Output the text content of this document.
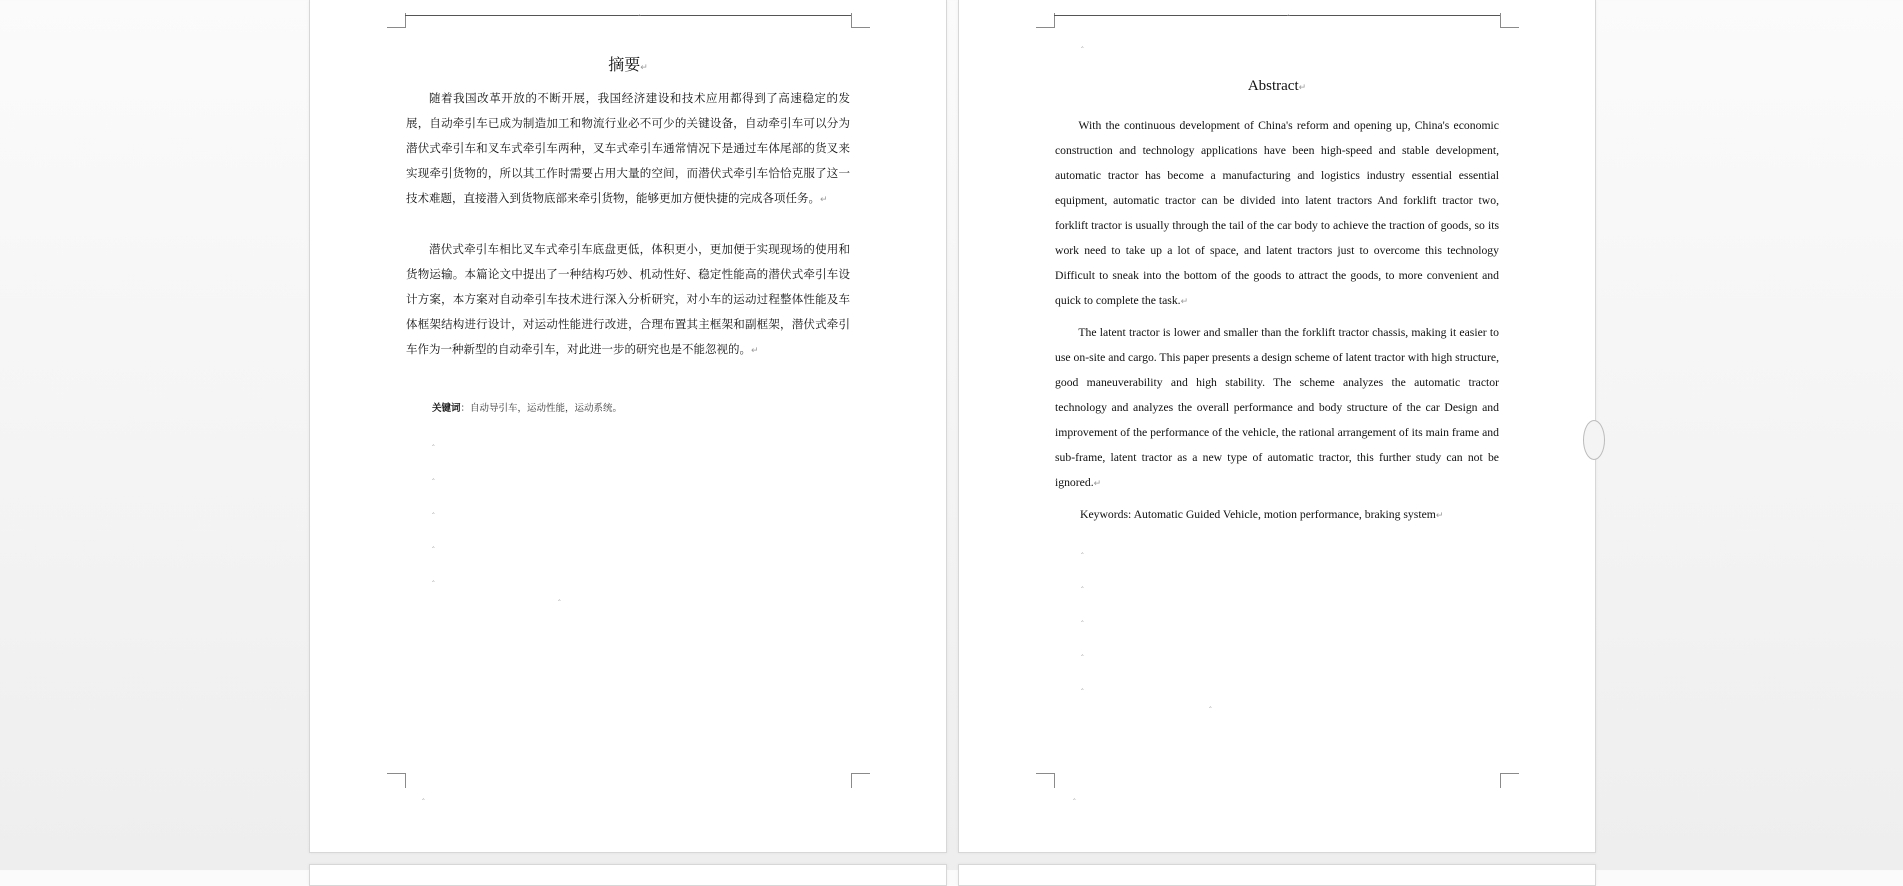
‸
摘要↵

随着我国改革开放的不断开展，我国经济建设和技术应用都得到了高速稳定的发展，自动牵引车已成为制造加工和物流行业必不可少的关键设备，自动牵引车可以分为潜伏式牵引车和叉车式牵引车两种，叉车式牵引车通常情况下是通过车体尾部的货叉来实现牵引货物的，所以其工作时需要占用大量的空间，而潜伏式牵引车恰恰克服了这一技术难题，直接潜入到货物底部来牵引货物，能够更加方便快捷的完成各项任务。↵

潜伏式牵引车相比叉车式牵引车底盘更低，体积更小，更加便于实现现场的使用和货物运输。本篇论文中提出了一种结构巧妙、机动性好、稳定性能高的潜伏式牵引车设计方案，本方案对自动牵引车技术进行深入分析研究，对小车的运动过程整体性能及车体框架结构进行设计，对运动性能进行改进，合理布置其主框架和副框架，潜伏式牵引车作为一种新型的自动牵引车，对此进一步的研究也是不能忽视的。↵

关键词：自动导引车，运动性能，运动系统。
‸
‸
‸
‸
‸
‸
‸
‸
‸
Abstract↵

With the continuous development of China's reform and opening up, China's economic construction and technology applications have been high-speed and stable development, automatic tractor has become a manufacturing and logistics industry essential essential equipment, automatic tractor can be divided into latent tractors And forklift tractor two, forklift tractor is usually through the tail of the car body to achieve the traction of goods, so its work need to take up a lot of space, and latent tractors just to overcome this technology Difficult to sneak into the bottom of the goods to attract the goods, to more convenient and quick to complete the task.↵

The latent tractor is lower and smaller than the forklift tractor chassis, making it easier to use on-site and cargo. This paper presents a design scheme of latent tractor with high structure, good maneuverability and high stability. The scheme analyzes the automatic tractor technology and analyzes the overall performance and body structure of the car Design and improvement of the performance of the vehicle, the rational arrangement of its main frame and sub-frame, latent tractor as a new type of automatic tractor, this further study can not be ignored.↵

Keywords: Automatic Guided Vehicle, motion performance, braking system↵
‸
‸
‸
‸
‸
‸
‸
